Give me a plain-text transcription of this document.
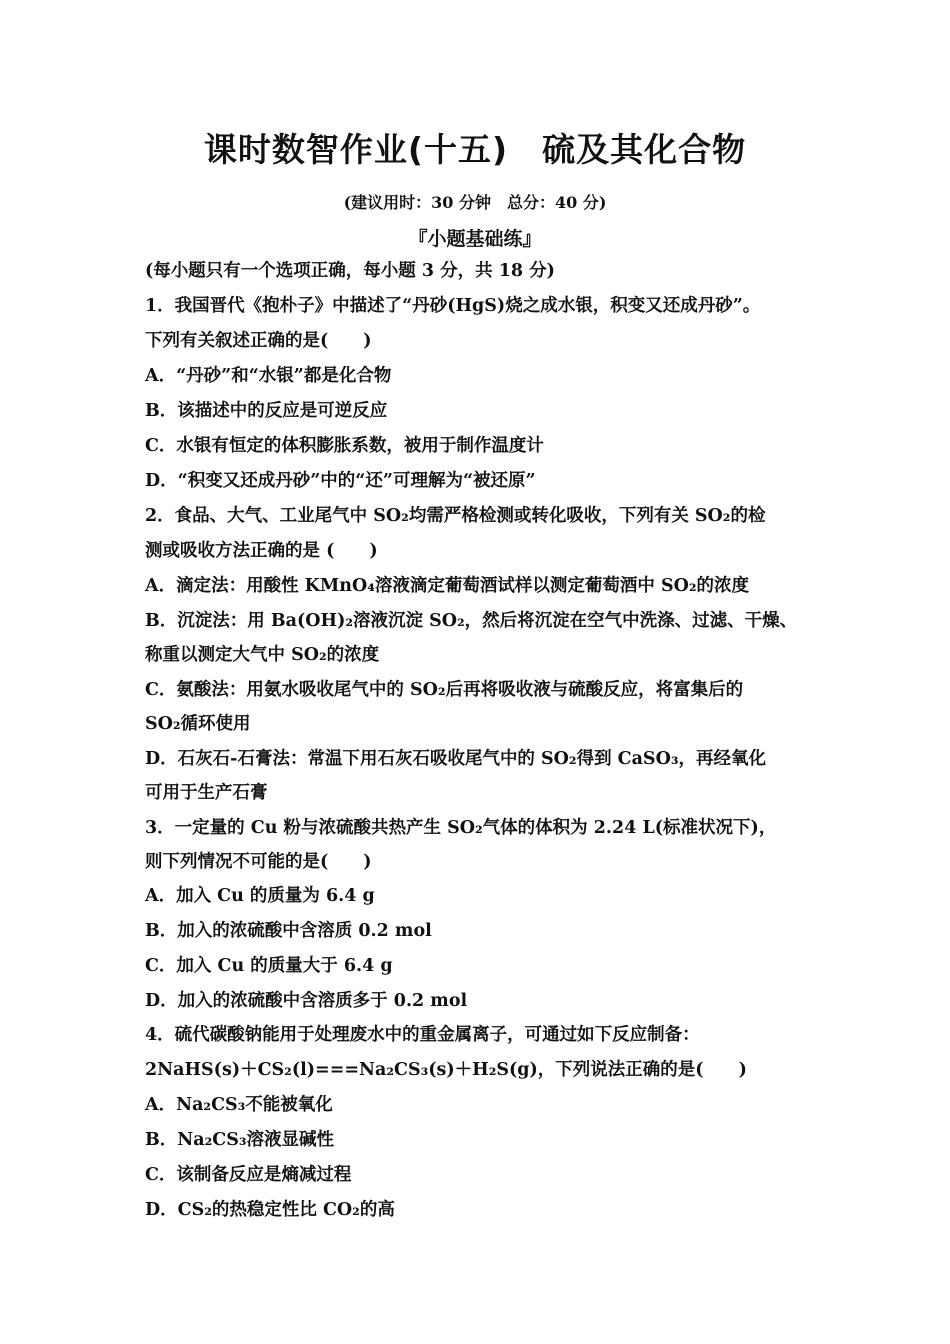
课时数智作业(十五)　硫及其化合物
(建议用时：30 分钟　总分：40 分)
『小题基础练』
(每小题只有一个选项正确，每小题 3 分，共 18 分)
1．我国晋代《抱朴子》中描述了“丹砂(HgS)烧之成水银，积变又还成丹砂”。
下列有关叙述正确的是(　　)
A．“丹砂”和“水银”都是化合物
B．该描述中的反应是可逆反应
C．水银有恒定的体积膨胀系数，被用于制作温度计
D．“积变又还成丹砂”中的“还”可理解为“被还原”
2．食品、大气、工业尾气中 SO₂均需严格检测或转化吸收，下列有关 SO₂的检
测或吸收方法正确的是 (　　)
A．滴定法：用酸性 KMnO₄溶液滴定葡萄酒试样以测定葡萄酒中 SO₂的浓度
B．沉淀法：用 Ba(OH)₂溶液沉淀 SO₂，然后将沉淀在空气中洗涤、过滤、干燥、
称重以测定大气中 SO₂的浓度
C．氨酸法：用氨水吸收尾气中的 SO₂后再将吸收液与硫酸反应，将富集后的
SO₂循环使用
D．石灰石-石膏法：常温下用石灰石吸收尾气中的 SO₂得到 CaSO₃，再经氧化
可用于生产石膏
3．一定量的 Cu 粉与浓硫酸共热产生 SO₂气体的体积为 2.24 L(标准状况下)，
则下列情况不可能的是(　　)
A．加入 Cu 的质量为 6.4 g
B．加入的浓硫酸中含溶质 0.2 mol
C．加入 Cu 的质量大于 6.4 g
D．加入的浓硫酸中含溶质多于 0.2 mol
4．硫代碳酸钠能用于处理废水中的重金属离子，可通过如下反应制备：
2NaHS(s)＋CS₂(l)===Na₂CS₃(s)＋H₂S(g)，下列说法正确的是(　　)
A．Na₂CS₃不能被氧化
B．Na₂CS₃溶液显碱性
C．该制备反应是熵减过程
D．CS₂的热稳定性比 CO₂的高
